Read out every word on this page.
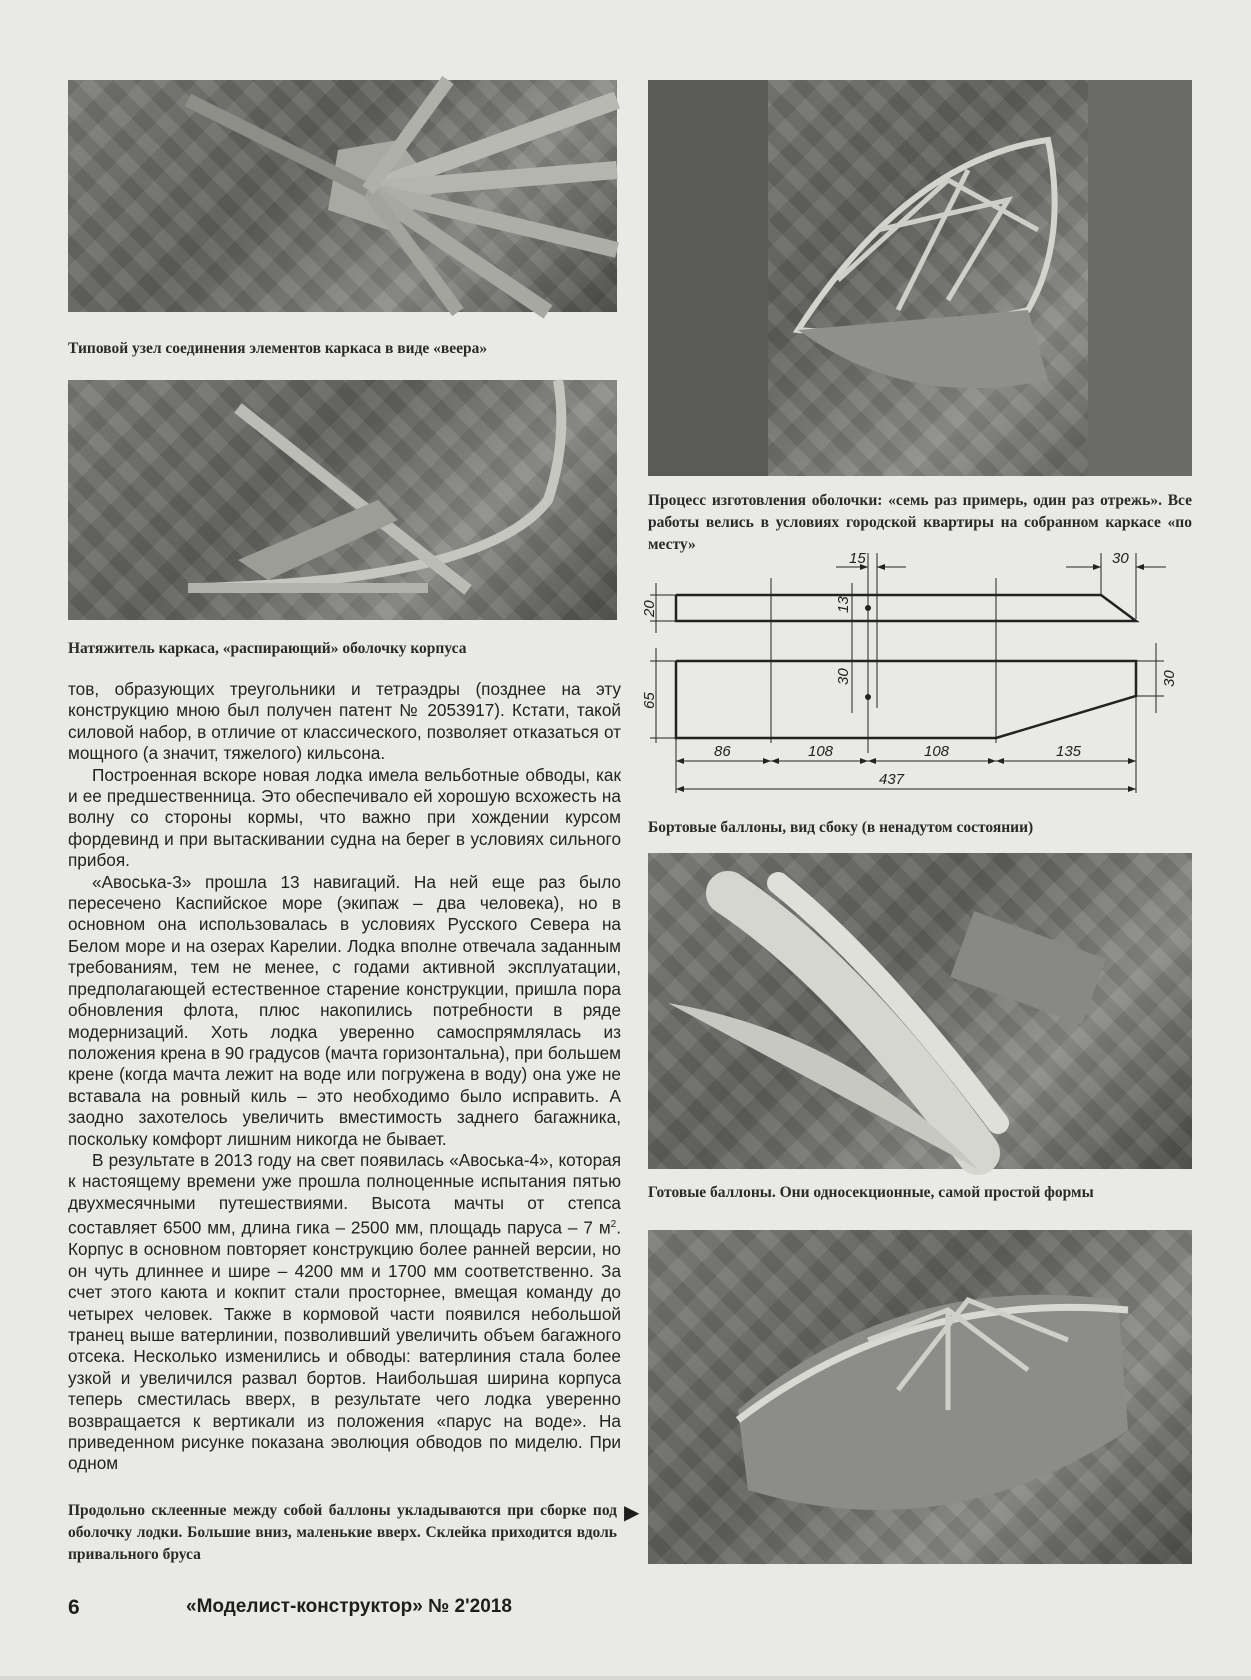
Типовой узел соединения элементов каркаса в виде «веера»
Натяжитель каркаса, «распирающий» оболочку корпуса

тов, образующих треугольники и тетраэдры (позднее на эту конструкцию мною был получен патент № 2053917). Кстати, такой силовой набор, в отличие от классического, позволяет отказаться от мощного (а значит, тяжелого) кильсона.

Построенная вскоре новая лодка имела вельботные обводы, как и ее предшественница. Это обеспечивало ей хорошую всхожесть на волну со стороны кормы, что важно при хождении курсом фордевинд и при вытаскивании судна на берег в условиях сильного прибоя.

«Авоська-3» прошла 13 навигаций. На ней еще раз было пересечено Каспийское море (экипаж – два человека), но в основном она использовалась в условиях Русского Севера на Белом море и на озерах Карелии. Лодка вполне отвечала заданным требованиям, тем не менее, с годами активной эксплуатации, предполагающей естественное старение конструкции, пришла пора обновления флота, плюс накопились потребности в ряде модернизаций. Хоть лодка уверенно самоспрямлялась из положения крена в 90 градусов (мачта горизонтальна), при большем крене (когда мачта лежит на воде или погружена в воду) она уже не вставала на ровный киль – это необходимо было исправить. А заодно захотелось увеличить вместимость заднего багажника, поскольку комфорт лишним никогда не бывает.

В результате в 2013 году на свет появилась «Авоська-4», которая к настоящему времени уже прошла полноценные испытания пятью двухмесячными путешествиями. Высота мачты от степса составляет 6500 мм, длина гика – 2500 мм, площадь паруса – 7 $м^2$. Корпус в основном повторяет конструкцию более ранней версии, но он чуть длиннее и шире – 4200 мм и 1700 мм соответственно. За счет этого каюта и кокпит стали просторнее, вмещая команду до четырех человек. Также в кормовой части появился небольшой транец выше ватерлинии, позволивший увеличить объем багажного отсека. Несколько изменились и обводы: ватерлиния стала более узкой и увеличился развал бортов. Наибольшая ширина корпуса теперь сместилась вверх, в результате чего лодка уверенно возвращается к вертикали из положения «парус на воде». На приведенном рисунке показана эволюция обводов по миделю. При одном

Продольно склеенные между собой баллоны укладываются при сборке под оболочку лодки. Большие вниз, маленькие вверх. Склейка приходится вдоль привального бруса
▶
Процесс изготовления оболочки: «семь раз примерь, один раз отрежь». Все работы велись в условиях городской квартиры на собранном каркасе «по месту»
15	30
20	13
65
30	30
86	108	108	135
437
Бортовые баллоны, вид сбоку (в ненадутом состоянии)
Готовые баллоны. Они односекционные, самой простой формы
6	«Моделист-конструктор» № 2'2018
